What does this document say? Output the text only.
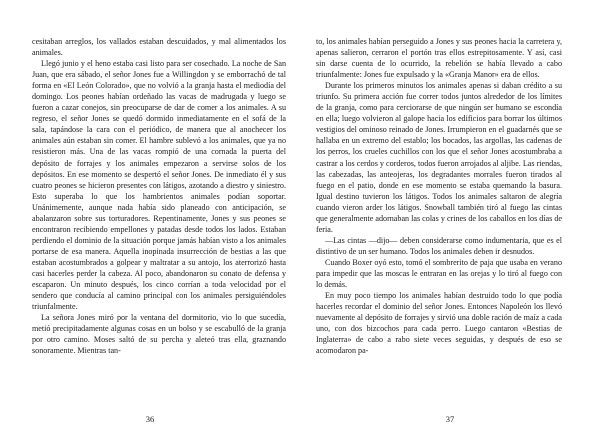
cesitaban arreglos, los vallados estaban descuidados, y mal alimentados los animales.

Llegó junio y el heno estaba casi listo para ser cosechado. La noche de San Juan, que era sábado, el señor Jones fue a Willingdon y se emborrachó de tal forma en «El León Colorado», que no volvió a la granja hasta el mediodía del domingo. Los peones habían ordeñado las vacas de madrugada y luego se fueron a cazar conejos, sin preocuparse de dar de comer a los animales. A su regreso, el señor Jones se quedó dormido inmediatamente en el sofá de la sala, tapándose la cara con el periódico, de manera que al anochecer los animales aún estaban sin comer. El hambre sublevó a los animales, que ya no resistieron más. Una de las vacas rompió de una cornada la puerta del depósito de forrajes y los animales empezaron a servirse solos de los depósitos. En ese momento se despertó el señor Jones. De inmediato él y sus cuatro peones se hicieron presentes con látigos, azotando a diestro y siniestro. Esto superaba lo que los hambrientos animales podían soportar. Unánimemente, aunque nada había sido planeado con anticipación, se abalanzaron sobre sus torturadores. Repentinamente, Jones y sus peones se encontraron recibiendo empellones y patadas desde todos los lados. Estaban perdiendo el dominio de la situación porque jamás habían visto a los animales portarse de esa manera. Aquella inopinada insurrección de bestias a las que estaban acostumbrados a golpear y maltratar a su antojo, los aterrorizó hasta casi hacerles perder la cabeza. Al poco, abandonaron su conato de defensa y escaparon. Un minuto después, los cinco corrían a toda velocidad por el sendero que conducía al camino principal con los animales persiguiéndoles triunfalmente.

La señora Jones miró por la ventana del dormitorio, vio lo que sucedía, metió precipitadamente algunas cosas en un bolso y se escabulló de la granja por otro camino. Moses saltó de su percha y aleteó tras ella, graznando sonoramente. Mientras tan-

36

to, los animales habían perseguido a Jones y sus peones hacia la carretera y, apenas salieron, cerraron el portón tras ellos estrepitosamente. Y así, casi sin darse cuenta de lo ocurrido, la rebelión se había llevado a cabo triunfalmente: Jones fue expulsado y la «Granja Manor» era de ellos.

Durante los primeros minutos los animales apenas si daban crédito a su triunfo. Su primera acción fue correr todos juntos alrededor de los límites de la granja, como para cerciorarse de que ningún ser humano se escondía en ella; luego volvieron al galope hacia los edificios para borrar los últimos vestigios del ominoso reinado de Jones. Irrumpieron en el guadarnés que se hallaba en un extremo del establo; los bocados, las argollas, las cadenas de los perros, los crueles cuchillos con los que el señor Jones acostumbraba a castrar a los cerdos y corderos, todos fueron arrojados al aljibe. Las riendas, las cabezadas, las anteojeras, los degradantes morrales fueron tirados al fuego en el patio, donde en ese momento se estaba quemando la basura. Igual destino tuvieron los látigos. Todos los animales saltaron de alegría cuando vieron arder los látigos. Snowball también tiró al fuego las cintas que generalmente adornaban las colas y crines de los caballos en los días de feria.

—Las cintas —dijo— deben considerarse como indumentaria, que es el distintivo de un ser humano. Todos los animales deben ir desnudos.

Cuando Boxer oyó esto, tomó el sombrerito de paja que usaba en verano para impedir que las moscas le entraran en las orejas y lo tiró al fuego con lo demás.

En muy poco tiempo los animales habían destruido todo lo que podía hacerles recordar el dominio del señor Jones. Entonces Napoleón los llevó nuevamente al depósito de forrajes y sirvió una doble ración de maíz a cada uno, con dos bizcochos para cada perro. Luego cantaron «Bestias de Inglaterra» de cabo a rabo siete veces seguidas, y después de eso se acomodaron pa-

37
